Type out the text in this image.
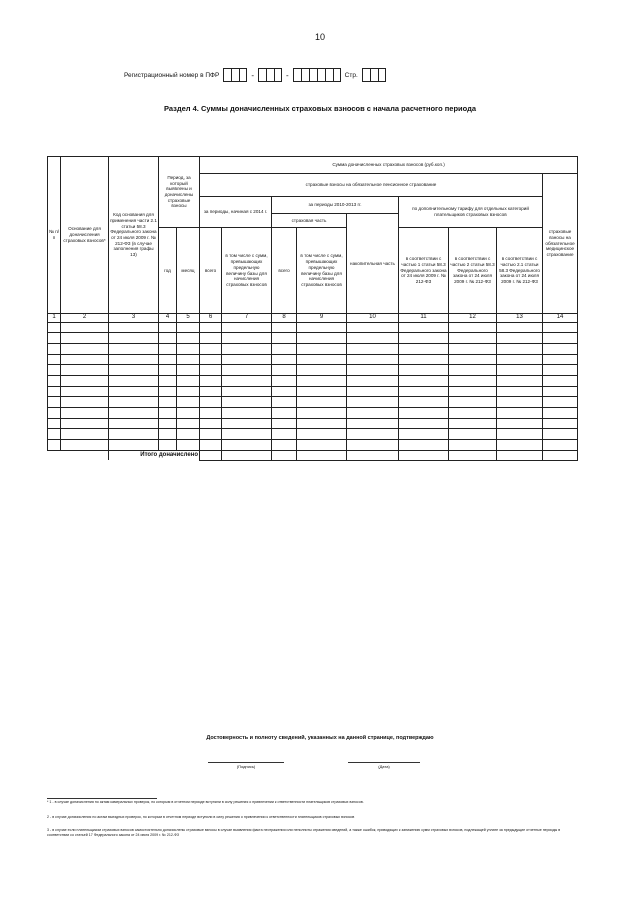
10
Регистрационный номер в ПФР	-	-	Стр.
Раздел 4. Суммы доначисленных страховых взносов с начала расчетного периода
№ п/п	Основание для доначисления страховых взносов*	Код основания для применения части 2.1 статьи 58.3 Федерального закона от 24 июля 2009 г. № 212-ФЗ (в случае заполнения графы 13)	Период, за который выявлены и доначислены страховые взносы		Сумма доначисленных страховых взносов (руб.коп.)								
					страховые взносы на обязательное пенсионное страхование								страховые взносы на обязательное медицинское страхование
					за периоды, начиная с 2014 г.		за периоды 2010-2013 гг.			по дополнительному тарифу для отдельных категорий плательщиков страховых взносов			
							страховая часть		накопительная часть				
			год	месяц	всего	в том числе с сумм, превышающих предельную величину базы для начисления страховых взносов	всего	в том числе с сумм, превышающих предельную величину базы для начисления страховых взносов		в соответствии с частью 1 статьи 58.3 Федерального закона от 24 июля 2009 г. № 212-ФЗ	в соответствии с частью 2 статьи 58.3 Федерального закона от 24 июля 2009 г. № 212-ФЗ	в соответствии с частью 2.1 статьи 58.3 Федерального закона от 24 июля 2009 г. № 212-ФЗ	
1	2	3	4	5	6	7	8	9	10	11	12	13	14

		Итого доначислено											
Достоверность и полноту сведений, указанных на данной странице, подтверждаю
(Подпись)	(Дата)
* 1 - в случае доначисления по актам камеральных проверок, по которым в отчетном периоде вступили в силу решения о привлечении к ответственности плательщиков страховых взносов.
2 - в случае доначисления по актам выездных проверок, по которым в отчетном периоде вступили в силу решения о привлечении к ответственности плательщиков страховых взносов
3 - в случае если плательщиком страховых взносов самостоятельно доначислены страховые взносы в случае выявления факта неотражения или неполноты отражения сведений, а также ошибок, приводящих к занижению сумм страховых взносов, подлежащей уплате за предыдущие отчетные периоды в соответствии со статьей 17 Федерального закона от 24 июля 2009 г. № 212-ФЗ
